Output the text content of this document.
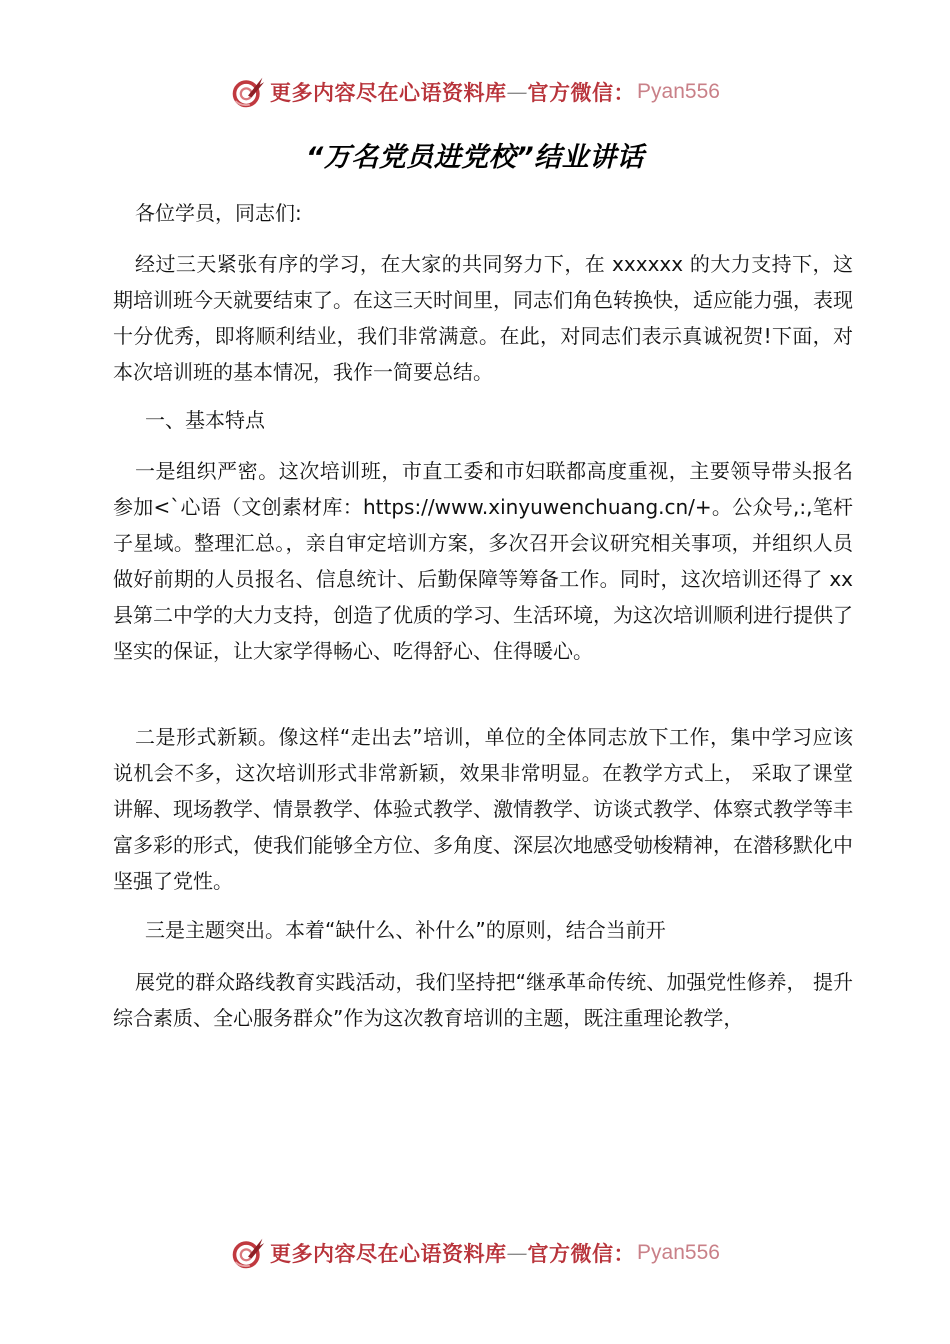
更多内容尽在心语资料库 — 官方微信： Pyan556
“万名党员进党校”结业讲话

各位学员，同志们:

经过三天紧张有序的学习，在大家的共同努力下，在 xxxxxx 的大力支持下，这期培训班今天就要结束了。在这三天时间里，同志们角色转换快，适应能力强，表现十分优秀，即将顺利结业，我们非常满意。在此，对同志们表示真诚祝贺!下面，对本次培训班的基本情况，我作一简要总结。

一、基本特点

一是组织严密。这次培训班，市直工委和市妇联都高度重视，主要领导带头报名参加<`心语（文创素材库：https://www.xinyuwenchuang.cn/+。公众号,:,笔杆子星域。整理汇总。，亲自审定培训方案，多次召开会议研究相关事项，并组织人员做好前期的人员报名、信息统计、后勤保障等筹备工作。同时，这次培训还得了 xx 县第二中学的大力支持，创造了优质的学习、生活环境，为这次培训顺利进行提供了坚实的保证，让大家学得畅心、吃得舒心、住得暖心。

二是形式新颖。像这样“走出去”培训，单位的全体同志放下工作，集中学习应该说机会不多，这次培训形式非常新颖，效果非常明显。在教学方式上， 采取了课堂讲解、现场教学、情景教学、体验式教学、激情教学、访谈式教学、体察式教学等丰富多彩的形式，使我们能够全方位、多角度、深层次地感受劬梭精神，在潜移默化中坚强了党性。

三是主题突出。本着“缺什么、补什么”的原则，结合当前开

展党的群众路线教育实践活动，我们坚持把“继承革命传统、加强党性修养， 提升综合素质、全心服务群众”作为这次教育培训的主题，既注重理论教学，

更多内容尽在心语资料库 — 官方微信： Pyan556
